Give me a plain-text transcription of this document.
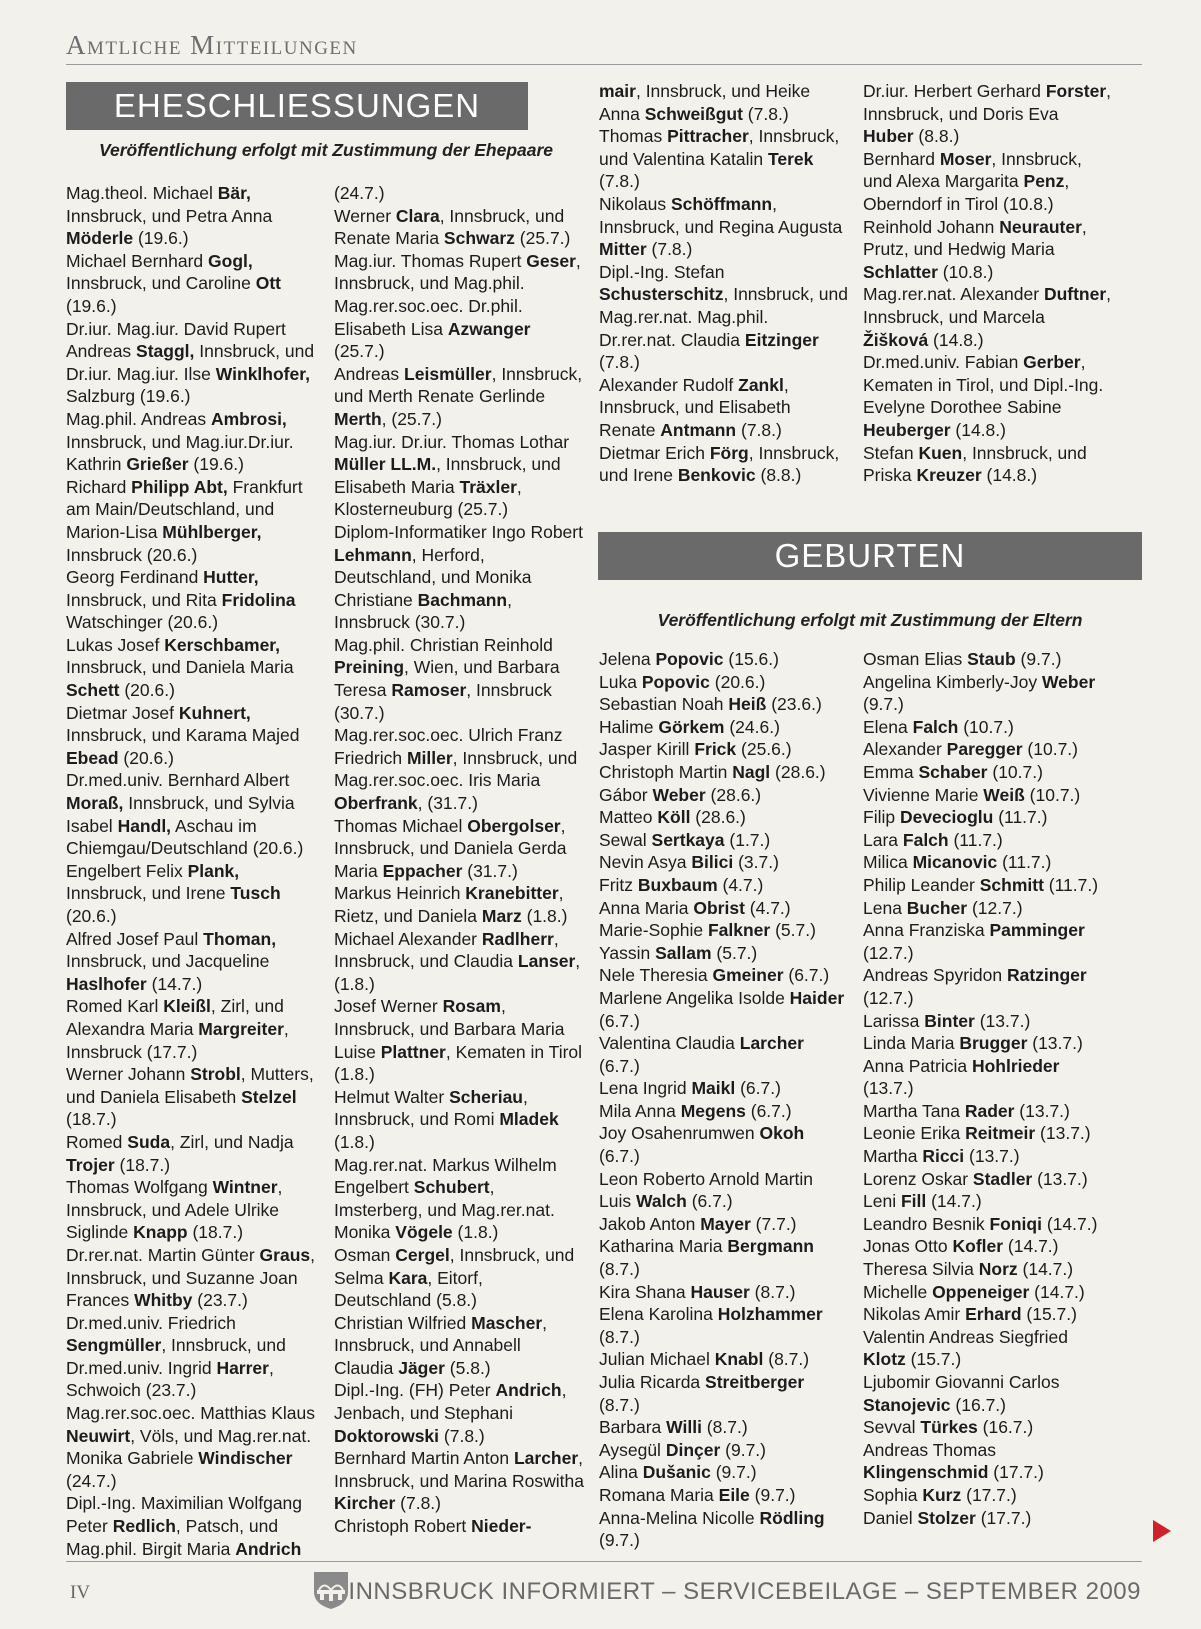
Amtliche Mitteilungen
EHESCHLIESSUNGEN
Veröffentlichung erfolgt mit Zustimmung der Ehepaare
Mag.theol. Michael Bär, Innsbruck, und Petra Anna Möderle (19.6.)
Michael Bernhard Gogl, Innsbruck, und Caroline Ott (19.6.)
Dr.iur. Mag.iur. David Rupert Andreas Staggl, Innsbruck, und Dr.iur. Mag.iur. Ilse Winklhofer, Salzburg (19.6.)
Mag.phil. Andreas Ambrosi, Innsbruck, und Mag.iur.Dr.iur. Kathrin Grießer (19.6.)
Richard Philipp Abt, Frankfurt am Main/Deutschland, und Marion-Lisa Mühlberger, Innsbruck (20.6.)
Georg Ferdinand Hutter, Innsbruck, und Rita Fridolina Watschinger (20.6.)
Lukas Josef Kerschbamer, Innsbruck, und Daniela Maria Schett (20.6.)
Dietmar Josef Kuhnert, Innsbruck, und Karama Majed Ebead (20.6.)
Dr.med.univ. Bernhard Albert Moraß, Innsbruck, und Sylvia Isabel Handl, Aschau im Chiemgau/Deutschland (20.6.)
Engelbert Felix Plank, Innsbruck, und Irene Tusch (20.6.)
Alfred Josef Paul Thoman, Innsbruck, und Jacqueline Haslhofer (14.7.)
Romed Karl Kleißl, Zirl, und Alexandra Maria Margreiter, Innsbruck (17.7.)
Werner Johann Strobl, Mutters, und Daniela Elisabeth Stelzel (18.7.)
Romed Suda, Zirl, und Nadja Trojer (18.7.)
Thomas Wolfgang Wintner, Innsbruck, und Adele Ulrike Siglinde Knapp (18.7.)
Dr.rer.nat. Martin Günter Graus, Innsbruck, und Suzanne Joan Frances Whitby (23.7.)
Dr.med.univ. Friedrich Sengmüller, Innsbruck, und Dr.med.univ. Ingrid Harrer, Schwoich (23.7.)
Mag.rer.soc.oec. Matthias Klaus Neuwirt, Völs, und Mag.rer.nat. Monika Gabriele Windischer (24.7.)
Dipl.-Ing. Maximilian Wolfgang Peter Redlich, Patsch, und Mag.phil. Birgit Maria Andrich
(24.7.)
Werner Clara, Innsbruck, und Renate Maria Schwarz (25.7.)
Mag.iur. Thomas Rupert Geser, Innsbruck, und Mag.phil. Mag.rer.soc.oec. Dr.phil. Elisabeth Lisa Azwanger (25.7.)
Andreas Leismüller, Innsbruck, und Merth Renate Gerlinde Merth, (25.7.)
Mag.iur. Dr.iur. Thomas Lothar Müller LL.M., Innsbruck, und Elisabeth Maria Träxler, Klosterneuburg (25.7.)
Diplom-Informatiker Ingo Robert Lehmann, Herford, Deutschland, und Monika Christiane Bachmann, Innsbruck (30.7.)
Mag.phil. Christian Reinhold Preining, Wien, und Barbara Teresa Ramoser, Innsbruck (30.7.)
Mag.rer.soc.oec. Ulrich Franz Friedrich Miller, Innsbruck, und Mag.rer.soc.oec. Iris Maria Oberfrank, (31.7.)
Thomas Michael Obergolser, Innsbruck, und Daniela Gerda Maria Eppacher (31.7.)
Markus Heinrich Kranebitter, Rietz, und Daniela Marz (1.8.)
Michael Alexander Radlherr, Innsbruck, und Claudia Lanser, (1.8.)
Josef Werner Rosam, Innsbruck, und Barbara Maria Luise Plattner, Kematen in Tirol (1.8.)
Helmut Walter Scheriau, Innsbruck, und Romi Mladek (1.8.)
Mag.rer.nat. Markus Wilhelm Engelbert Schubert, Imsterberg, und Mag.rer.nat. Monika Vögele (1.8.)
Osman Cergel, Innsbruck, und Selma Kara, Eitorf, Deutschland (5.8.)
Christian Wilfried Mascher, Innsbruck, und Annabell Claudia Jäger (5.8.)
Dipl.-Ing. (FH) Peter Andrich, Jenbach, und Stephani Doktorowski (7.8.)
Bernhard Martin Anton Larcher, Innsbruck, und Marina Roswitha Kircher (7.8.)
Christoph Robert Nieder-
mair, Innsbruck, und Heike Anna Schweißgut (7.8.)
Thomas Pittracher, Innsbruck, und Valentina Katalin Terek (7.8.)
Nikolaus Schöffmann, Innsbruck, und Regina Augusta Mitter (7.8.)
Dipl.-Ing. Stefan Schusterschitz, Innsbruck, und Mag.rer.nat. Mag.phil. Dr.rer.nat. Claudia Eitzinger (7.8.)
Alexander Rudolf Zankl, Innsbruck, und Elisabeth Renate Antmann (7.8.)
Dietmar Erich Förg, Innsbruck, und Irene Benkovic (8.8.)
Dr.iur. Herbert Gerhard Forster, Innsbruck, und Doris Eva Huber (8.8.)
Bernhard Moser, Innsbruck, und Alexa Margarita Penz, Oberndorf in Tirol (10.8.)
Reinhold Johann Neurauter, Prutz, und Hedwig Maria Schlatter (10.8.)
Mag.rer.nat. Alexander Duftner, Innsbruck, und Marcela Žišková (14.8.)
Dr.med.univ. Fabian Gerber, Kematen in Tirol, und Dipl.-Ing. Evelyne Dorothee Sabine Heuberger (14.8.)
Stefan Kuen, Innsbruck, und Priska Kreuzer (14.8.)
GEBURTEN
Veröffentlichung erfolgt mit Zustimmung der Eltern
Jelena Popovic (15.6.)
Luka Popovic (20.6.)
Sebastian Noah Heiß (23.6.)
Halime Görkem (24.6.)
Jasper Kirill Frick (25.6.)
Christoph Martin Nagl (28.6.)
Gábor Weber (28.6.)
Matteo Köll (28.6.)
Sewal Sertkaya (1.7.)
Nevin Asya Bilici (3.7.)
Fritz Buxbaum (4.7.)
Anna Maria Obrist (4.7.)
Marie-Sophie Falkner (5.7.)
Yassin Sallam (5.7.)
Nele Theresia Gmeiner (6.7.)
Marlene Angelika Isolde Haider (6.7.)
Valentina Claudia Larcher (6.7.)
Lena Ingrid Maikl (6.7.)
Mila Anna Megens (6.7.)
Joy Osahenrumwen Okoh (6.7.)
Leon Roberto Arnold Martin Luis Walch (6.7.)
Jakob Anton Mayer (7.7.)
Katharina Maria Bergmann (8.7.)
Kira Shana Hauser (8.7.)
Elena Karolina Holzhammer (8.7.)
Julian Michael Knabl (8.7.)
Julia Ricarda Streitberger (8.7.)
Barbara Willi (8.7.)
Aysegül Dinçer (9.7.)
Alina Dušanic (9.7.)
Romana Maria Eile (9.7.)
Anna-Melina Nicolle Rödling (9.7.)
Osman Elias Staub (9.7.)
Angelina Kimberly-Joy Weber (9.7.)
Elena Falch (10.7.)
Alexander Paregger (10.7.)
Emma Schaber (10.7.)
Vivienne Marie Weiß (10.7.)
Filip Devecioglu (11.7.)
Lara Falch (11.7.)
Milica Micanovic (11.7.)
Philip Leander Schmitt (11.7.)
Lena Bucher (12.7.)
Anna Franziska Pamminger (12.7.)
Andreas Spyridon Ratzinger (12.7.)
Larissa Binter (13.7.)
Linda Maria Brugger (13.7.)
Anna Patricia Hohlrieder (13.7.)
Martha Tana Rader (13.7.)
Leonie Erika Reitmeir (13.7.)
Martha Ricci (13.7.)
Lorenz Oskar Stadler (13.7.)
Leni Fill (14.7.)
Leandro Besnik Foniqi (14.7.)
Jonas Otto Kofler (14.7.)
Theresa Silvia Norz (14.7.)
Michelle Oppeneiger (14.7.)
Nikolas Amir Erhard (15.7.)
Valentin Andreas Siegfried Klotz (15.7.)
Ljubomir Giovanni Carlos Stanojevic (16.7.)
Sevval Türkes (16.7.)
Andreas Thomas Klingenschmid (17.7.)
Sophia Kurz (17.7.)
Daniel Stolzer (17.7.)
IV	INNSBRUCK INFORMIERT – SERVICEBEILAGE – SEPTEMBER 2009
